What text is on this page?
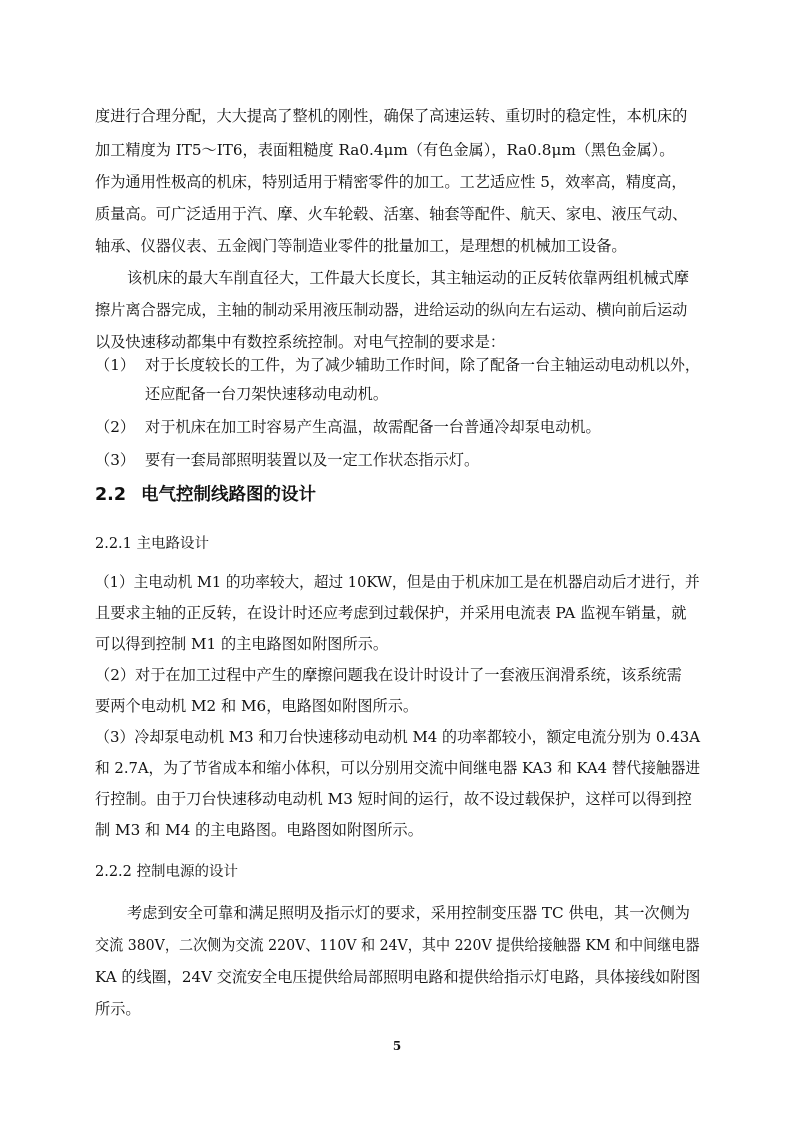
度进行合理分配，大大提高了整机的刚性，确保了高速运转、重切时的稳定性，本机床的
加工精度为 IT5～IT6，表面粗糙度 Ra0.4μm（有色金属），Ra0.8μm（黑色金属）。
作为通用性极高的机床，特别适用于精密零件的加工。工艺适应性 5，效率高，精度高，
质量高。可广泛适用于汽、摩、火车轮毂、活塞、轴套等配件、航天、家电、液压气动、
轴承、仪器仪表、五金阀门等制造业零件的批量加工，是理想的机械加工设备。
该机床的最大车削直径大，工件最大长度长，其主轴运动的正反转依靠两组机械式摩
擦片离合器完成，主轴的制动采用液压制动器，进给运动的纵向左右运动、横向前后运动
以及快速移动都集中有数控系统控制。对电气控制的要求是：
（1） 对于长度较长的工件，为了减少辅助工作时间，除了配备一台主轴运动电动机以外，
还应配备一台刀架快速移动电动机。
（2） 对于机床在加工时容易产生高温，故需配备一台普通冷却泵电动机。
（3） 要有一套局部照明装置以及一定工作状态指示灯。
2.2 电气控制线路图的设计
2.2.1 主电路设计
（1）主电动机 M1 的功率较大，超过 10KW，但是由于机床加工是在机器启动后才进行，并
且要求主轴的正反转，在设计时还应考虑到过载保护，并采用电流表 PA 监视车销量，就
可以得到控制 M1 的主电路图如附图所示。
（2）对于在加工过程中产生的摩擦问题我在设计时设计了一套液压润滑系统，该系统需
要两个电动机 M2 和 M6，电路图如附图所示。
（3）冷却泵电动机 M3 和刀台快速移动电动机 M4 的功率都较小，额定电流分别为 0.43A
和 2.7A，为了节省成本和缩小体积，可以分别用交流中间继电器 KA3 和 KA4 替代接触器进
行控制。由于刀台快速移动电动机 M3 短时间的运行，故不设过载保护，这样可以得到控
制 M3 和 M4 的主电路图。电路图如附图所示。
2.2.2 控制电源的设计
考虑到安全可靠和满足照明及指示灯的要求，采用控制变压器 TC 供电，其一次侧为
交流 380V，二次侧为交流 220V、110V 和 24V，其中 220V 提供给接触器 KM 和中间继电器
KA 的线圈，24V 交流安全电压提供给局部照明电路和提供给指示灯电路，具体接线如附图
所示。
5
